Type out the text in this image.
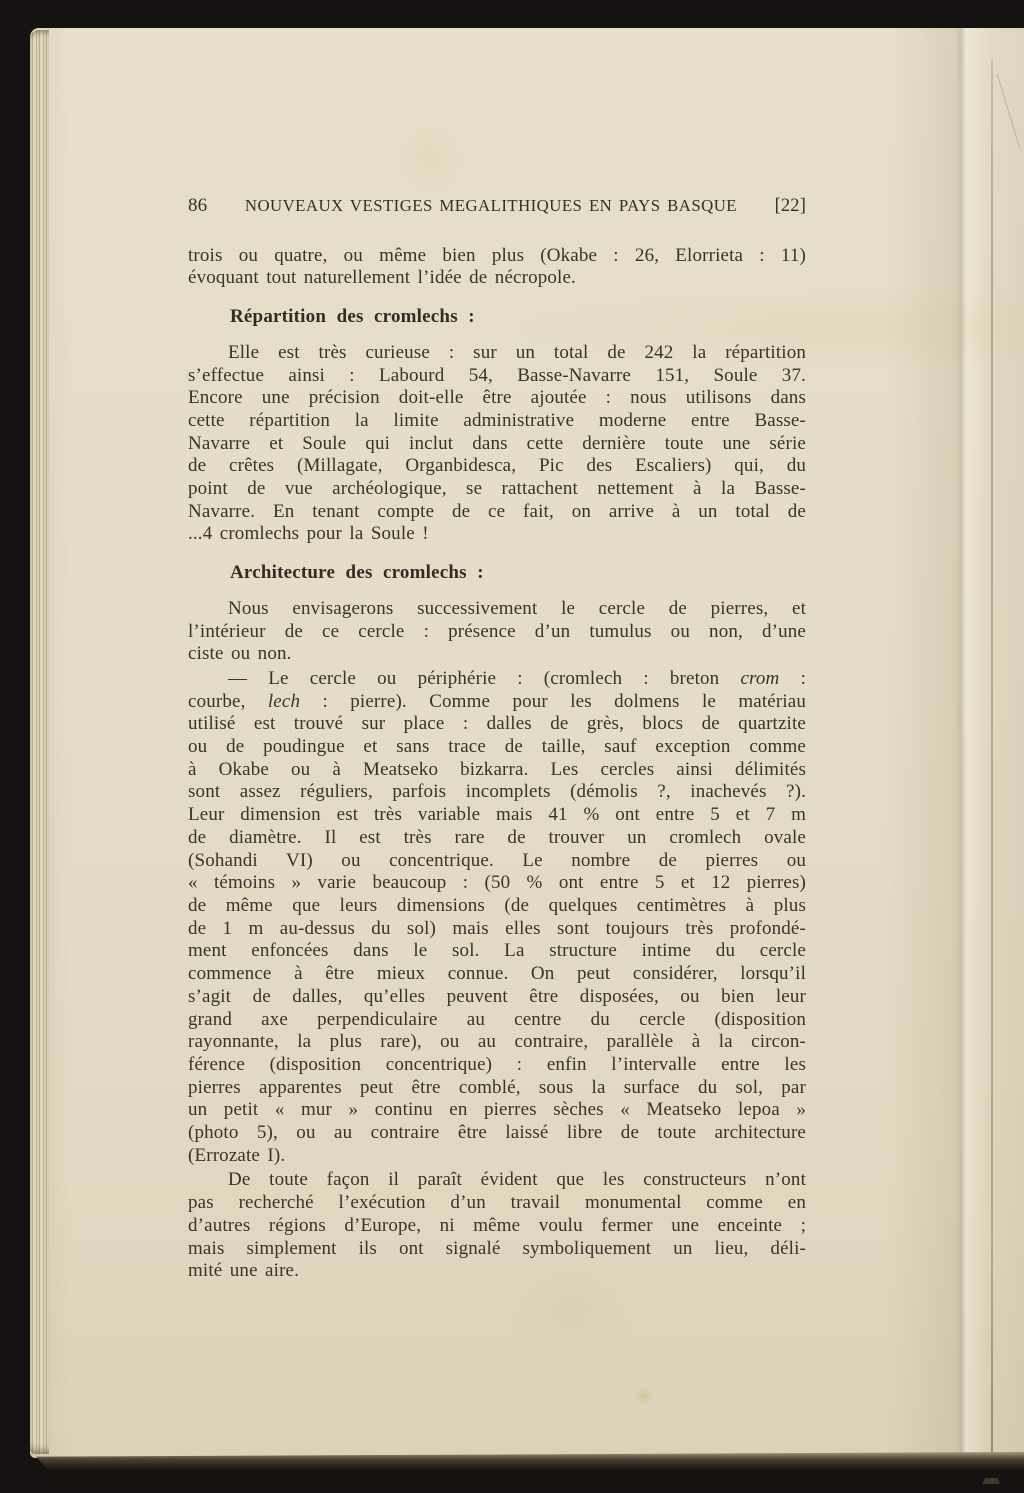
86	NOUVEAUX VESTIGES MEGALITHIQUES EN PAYS BASQUE	[22]
trois ou quatre, ou même bien plus (Okabe : 26, Elorrieta : 11)
évoquant tout naturellement l’idée de nécropole.
Répartition des cromlechs :
Elle est très curieuse : sur un total de 242 la répartition
s’effectue ainsi : Labourd 54, Basse-Navarre 151, Soule 37.
Encore une précision doit-elle être ajoutée : nous utilisons dans
cette répartition la limite administrative moderne entre Basse-
Navarre et Soule qui inclut dans cette dernière toute une série
de crêtes (Millagate, Organbidesca, Pic des Escaliers) qui, du
point de vue archéologique, se rattachent nettement à la Basse-
Navarre. En tenant compte de ce fait, on arrive à un total de
...4 cromlechs pour la Soule !
Architecture des cromlechs :
Nous envisagerons successivement le cercle de pierres, et
l’intérieur de ce cercle : présence d’un tumulus ou non, d’une
ciste ou non.
— Le cercle ou périphérie : (cromlech : breton crom :
courbe, lech : pierre). Comme pour les dolmens le matériau
utilisé est trouvé sur place : dalles de grès, blocs de quartzite
ou de poudingue et sans trace de taille, sauf exception comme
à Okabe ou à Meatseko bizkarra. Les cercles ainsi délimités
sont assez réguliers, parfois incomplets (démolis ?, inachevés ?).
Leur dimension est très variable mais 41 % ont entre 5 et 7 m
de diamètre. Il est très rare de trouver un cromlech ovale
(Sohandi VI) ou concentrique. Le nombre de pierres ou
« témoins » varie beaucoup : (50 % ont entre 5 et 12 pierres)
de même que leurs dimensions (de quelques centimètres à plus
de 1 m au-dessus du sol) mais elles sont toujours très profondé-
ment enfoncées dans le sol. La structure intime du cercle
commence à être mieux connue. On peut considérer, lorsqu’il
s’agit de dalles, qu’elles peuvent être disposées, ou bien leur
grand axe perpendiculaire au centre du cercle (disposition
rayonnante, la plus rare), ou au contraire, parallèle à la circon-
férence (disposition concentrique) : enfin l’intervalle entre les
pierres apparentes peut être comblé, sous la surface du sol, par
un petit « mur » continu en pierres sèches « Meatseko lepoa »
(photo 5), ou au contraire être laissé libre de toute architecture
(Errozate I).
De toute façon il paraît évident que les constructeurs n’ont
pas recherché l’exécution d’un travail monumental comme en
d’autres régions d’Europe, ni même voulu fermer une enceinte ;
mais simplement ils ont signalé symboliquement un lieu, déli-
mité une aire.
